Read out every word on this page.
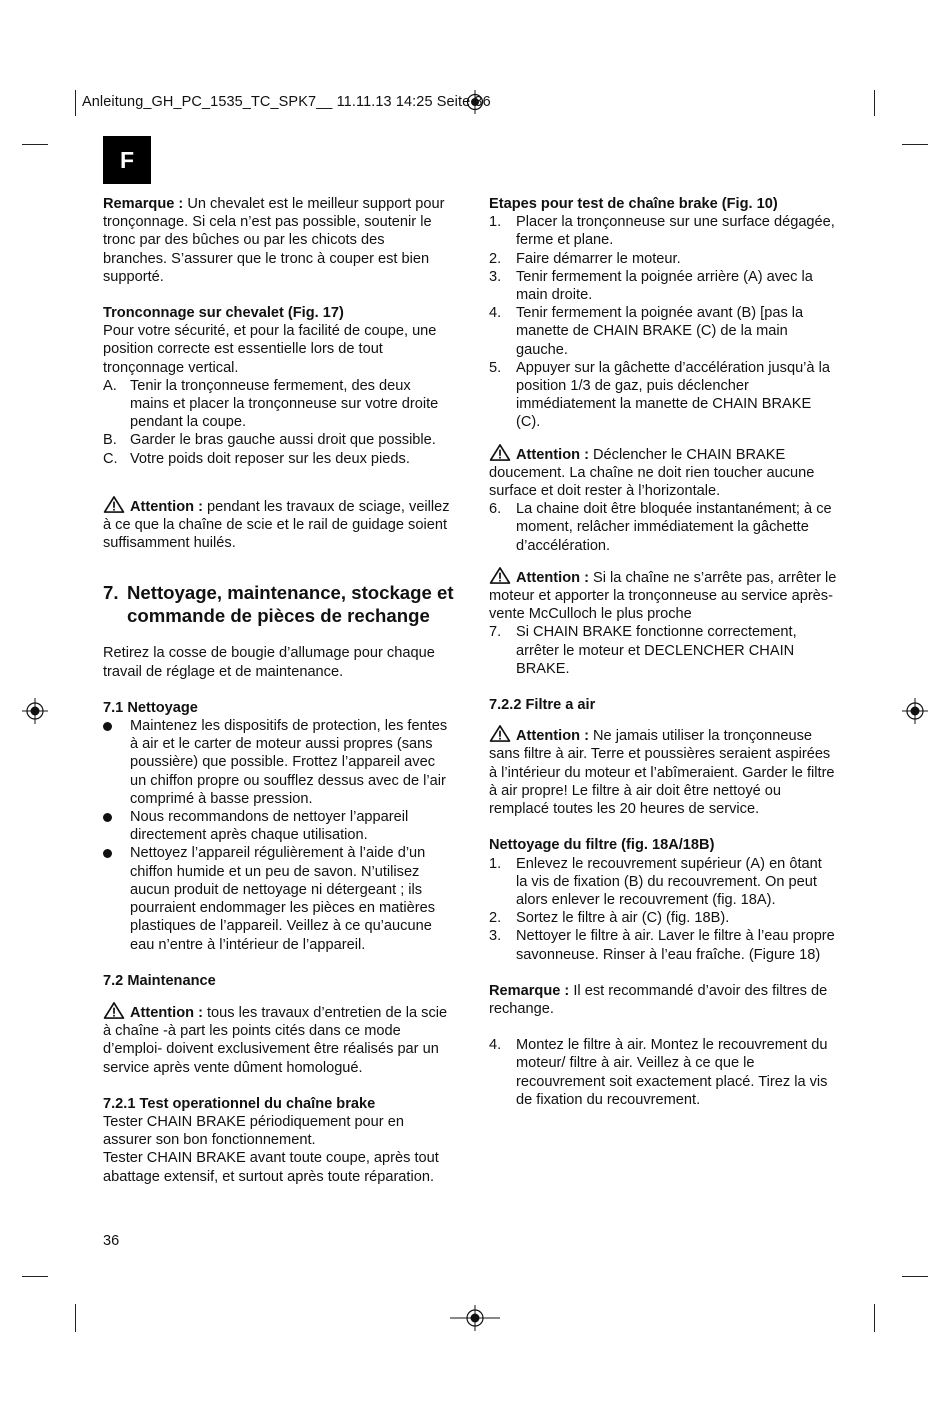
Anleitung_GH_PC_1535_TC_SPK7__ 11.11.13 14:25 Seite 36
F

Remarque : Un chevalet est le meilleur support pour
tronçonnage. Si cela n’est pas possible, soutenir le
tronc par des bûches ou par les chicots des
branches. S’assurer que le tronc à couper est bien
supporté.

Tronconnage sur chevalet (Fig. 17)

Pour votre sécurité, et pour la facilité de coupe, une
position correcte est essentielle lors de tout
tronçonnage vertical.

A. Tenir la tronçonneuse fermement, des deux
mains et placer la tronçonneuse sur votre droite
pendant la coupe.
B. Garder le bras gauche aussi droit que possible.
C. Votre poids doit reposer sur les deux pieds.

Attention : pendant les travaux de sciage, veillez
à ce que la chaîne de scie et le rail de guidage soient
suffisamment huilés.

7. Nettoyage, maintenance, stockage et
commande de pièces de rechange

Retirez la cosse de bougie d’allumage pour chaque
travail de réglage et de maintenance.

7.1 Nettoyage

Maintenez les dispositifs de protection, les fentes
à air et le carter de moteur aussi propres (sans
poussière) que possible. Frottez l’appareil avec
un chiffon propre ou soufflez dessus avec de l’air
comprimé à basse pression.
Nous recommandons de nettoyer l’appareil
directement après chaque utilisation.
Nettoyez l’appareil régulièrement à l’aide d’un
chiffon humide et un peu de savon. N’utilisez
aucun produit de nettoyage ni détergeant ; ils
pourraient endommager les pièces en matières
plastiques de l’appareil. Veillez à ce qu’aucune
eau n’entre à l’intérieur de l’appareil.

7.2 Maintenance

Attention : tous les travaux d’entretien de la scie
à chaîne -à part les points cités dans ce mode
d’emploi- doivent exclusivement être réalisés par un
service après vente dûment homologué.

7.2.1 Test operationnel du chaîne brake

Tester CHAIN BRAKE périodiquement pour en
assurer son bon fonctionnement.
Tester CHAIN BRAKE avant toute coupe, après tout
abattage extensif, et surtout après toute réparation.

Etapes pour test de chaîne brake (Fig. 10)

1.	Placer la tronçonneuse sur une surface dégagée,
ferme et plane.
2.	Faire démarrer le moteur.
3.	Tenir fermement la poignée arrière (A) avec la
main droite.
4.	Tenir fermement la poignée avant (B) [pas la
manette de CHAIN BRAKE (C) de la main
gauche.
5.	Appuyer sur la gâchette d’accélération jusqu’à la
position 1/3 de gaz, puis déclencher
immédiatement la manette de CHAIN BRAKE
(C).

Attention : Déclencher le CHAIN BRAKE
doucement. La chaîne ne doit rien toucher aucune
surface et doit rester à l’horizontale.

6.	La chaine doit être bloquée instantanément; à ce
moment, relâcher immédiatement la gâchette
d’accélération.

Attention : Si la chaîne ne s’arrête pas, arrêter le
moteur et apporter la tronçonneuse au service après-
vente McCulloch le plus proche

7.	Si CHAIN BRAKE fonctionne correctement,
arrêter le moteur et DECLENCHER CHAIN
BRAKE.

7.2.2 Filtre a air

Attention : Ne jamais utiliser la tronçonneuse
sans filtre à air. Terre et poussières seraient aspirées
à l’intérieur du moteur et l’abîmeraient. Garder le filtre
à air propre! Le filtre à air doit être nettoyé ou
remplacé toutes les 20 heures de service.

Nettoyage du filtre (fig. 18A/18B)

1.	Enlevez le recouvrement supérieur (A) en ôtant
la vis de fixation (B) du recouvrement. On peut
alors enlever le recouvrement (fig. 18A).
2.	Sortez le filtre à air (C) (fig. 18B).
3.	Nettoyer le filtre à air. Laver le filtre à l’eau propre
savonneuse. Rinser à l’eau fraîche. (Figure 18)

Remarque : Il est recommandé d’avoir des filtres de
rechange.

4.	Montez le filtre à air. Montez le recouvrement du
moteur/ filtre à air. Veillez à ce que le
recouvrement soit exactement placé. Tirez la vis
de fixation du recouvrement.
36
